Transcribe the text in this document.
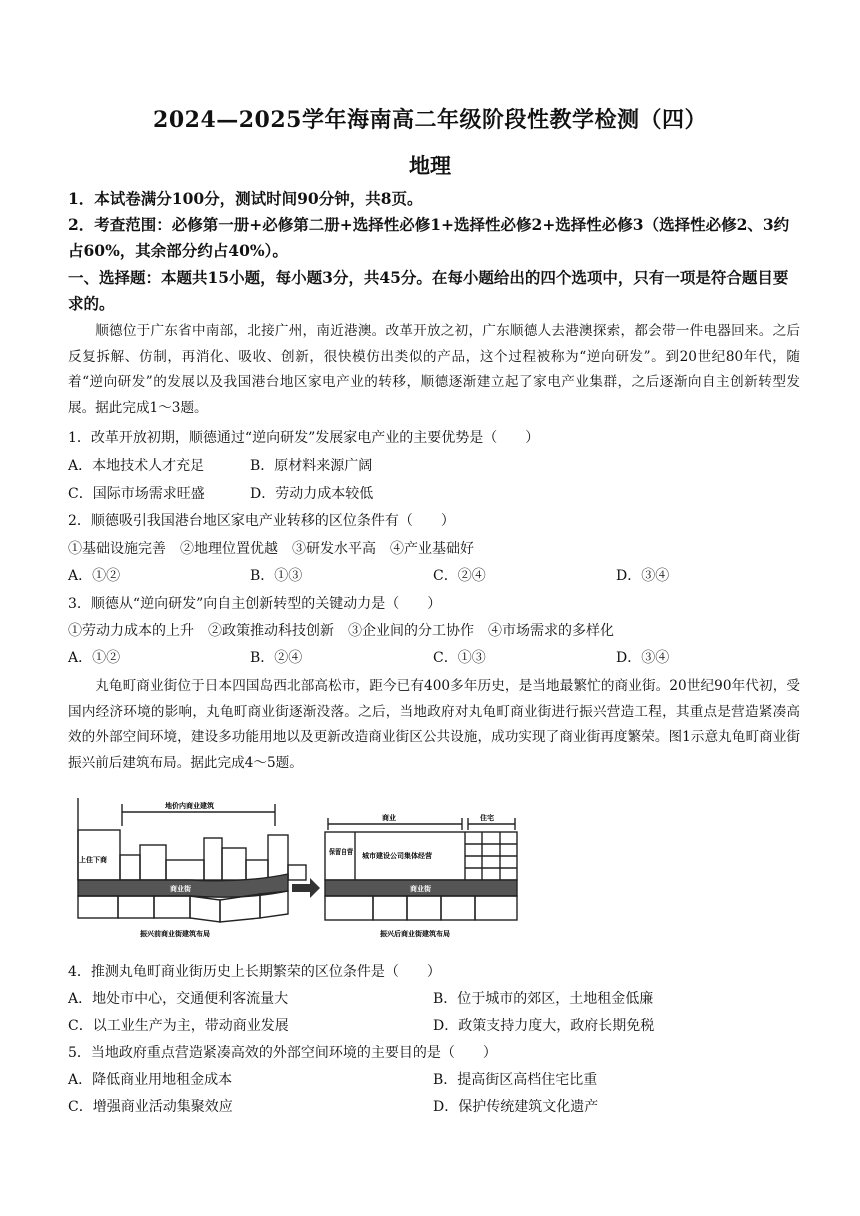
2024—2025学年海南高二年级阶段性教学检测（四）
地理
1．本试卷满分100分，测试时间90分钟，共8页。
2．考查范围：必修第一册+必修第二册+选择性必修1+选择性必修2+选择性必修3（选择性必修2、3约占60%，其余部分约占40%）。
一、选择题：本题共15小题，每小题3分，共45分。在每小题给出的四个选项中，只有一项是符合题目要求的。
顺德位于广东省中南部，北接广州，南近港澳。改革开放之初，广东顺德人去港澳探索，都会带一件电器回来。之后反复拆解、仿制，再消化、吸收、创新，很快模仿出类似的产品，这个过程被称为“逆向研发”。到20世纪80年代，随着“逆向研发”的发展以及我国港台地区家电产业的转移，顺德逐渐建立起了家电产业集群，之后逐渐向自主创新转型发展。据此完成1～3题。
1．改革开放初期，顺德通过“逆向研发”发展家电产业的主要优势是（　　）
A．本地技术人才充足	B．原材料来源广阔
C．国际市场需求旺盛	D．劳动力成本较低
2．顺德吸引我国港台地区家电产业转移的区位条件有（　　）
①基础设施完善　②地理位置优越　③研发水平高　④产业基础好
A．①②	B．①③	C．②④	D．③④
3．顺德从“逆向研发”向自主创新转型的关键动力是（　　）
①劳动力成本的上升　②政策推动科技创新　③企业间的分工协作　④市场需求的多样化
A．①②	B．②④	C．①③	D．③④
丸龟町商业街位于日本四国岛西北部高松市，距今已有400多年历史，是当地最繁忙的商业街。20世纪90年代初，受国内经济环境的影响，丸龟町商业街逐渐没落。之后，当地政府对丸龟町商业街进行振兴营造工程，其重点是营造紧凑高效的外部空间环境，建设多功能用地以及更新改造商业街区公共设施，成功实现了商业街再度繁荣。图1示意丸龟町商业街振兴前后建筑布局。据此完成4～5题。
地价内商业建筑
上住下商
商业街
振兴前商业街建筑布局
商业	住宅
保留自营 城市建设公司集体经营
商业街
振兴后商业街建筑布局
4．推测丸龟町商业街历史上长期繁荣的区位条件是（　　）
A．地处市中心，交通便利客流量大	B．位于城市的郊区，土地租金低廉
C．以工业生产为主，带动商业发展	D．政策支持力度大，政府长期免税
5．当地政府重点营造紧凑高效的外部空间环境的主要目的是（　　）
A．降低商业用地租金成本	B．提高街区高档住宅比重
C．增强商业活动集聚效应	D．保护传统建筑文化遗产
